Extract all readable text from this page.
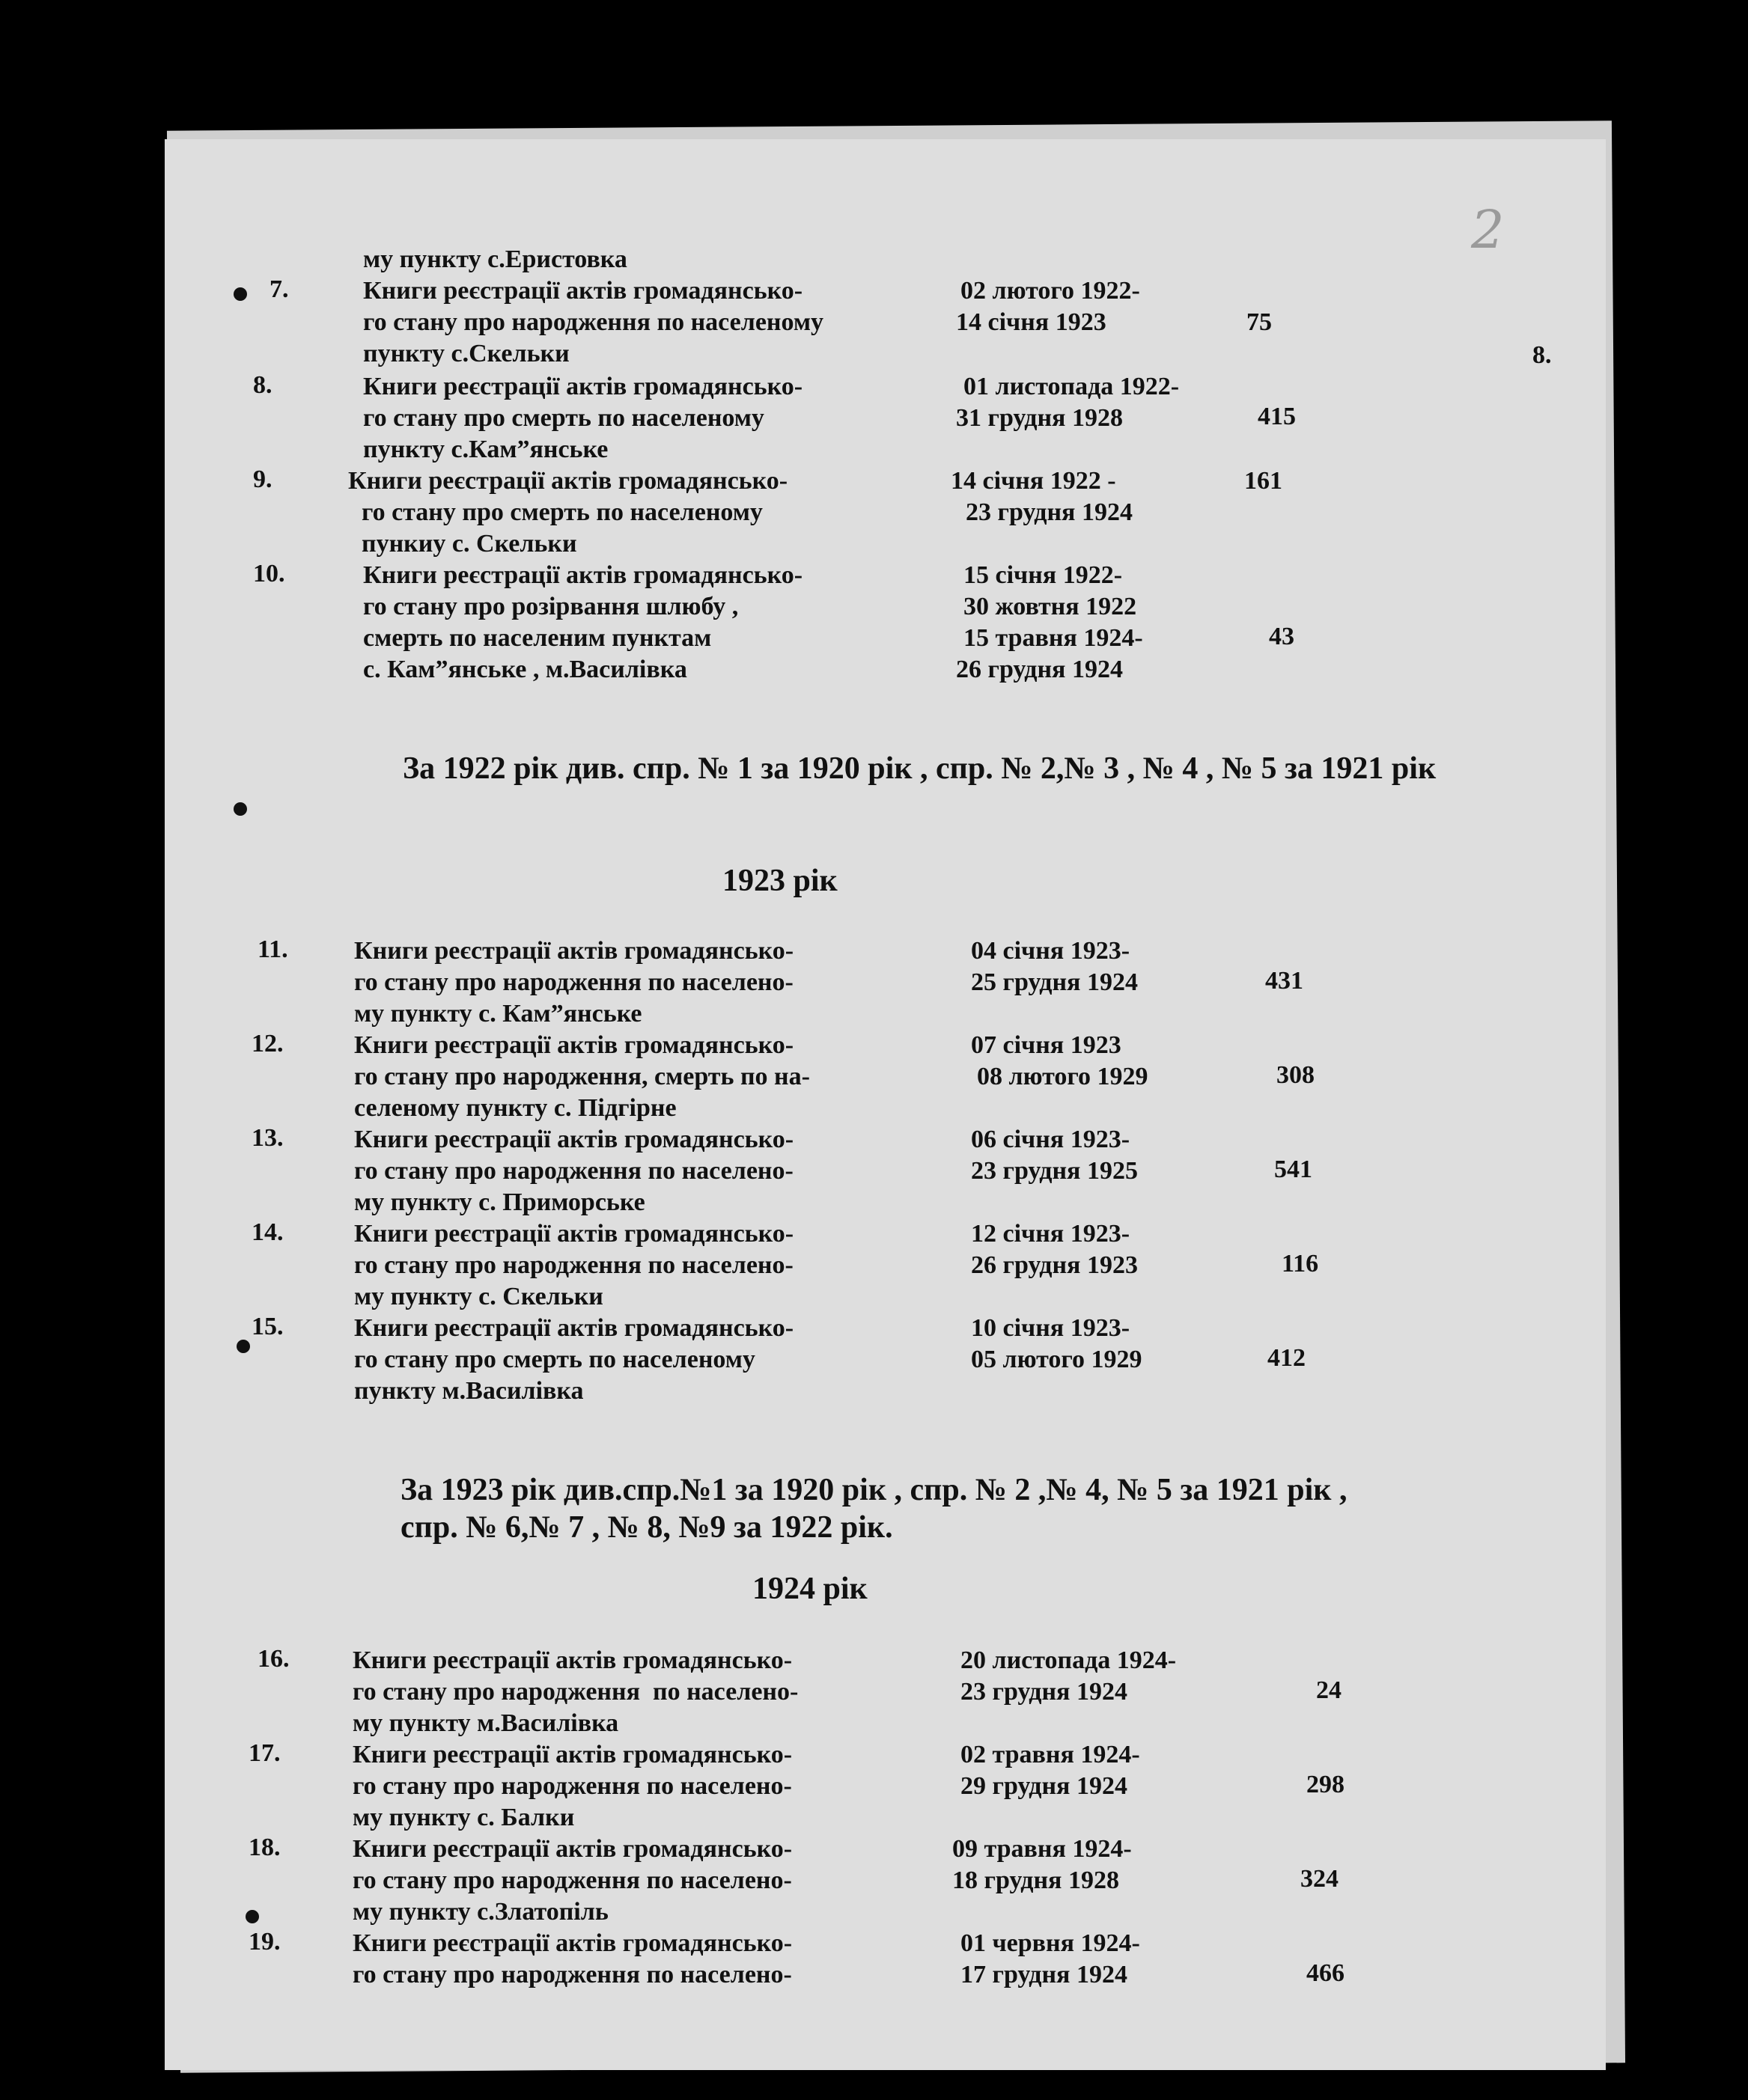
2
8.
му пункту с.Еристовка
7.	Книги реєстрації актів громадянсько-
го стану про народження по населеному
пункту с.Скельки
02 лютого 1922-
14 січня 1923	75
8.	Книги реєстрації актів громадянсько-
го стану про смерть по населеному
пункту с.Кам”янське
01 листопада 1922-
31 грудня 1928	415
9.	Книги реєстрації актів громадянсько-
го стану про смерть по населеному
пункиу с. Скельки
14 січня 1922 -
23 грудня 1924
161
10.	Книги реєстрації актів громадянсько-
го стану про розірвання шлюбу ,
смерть по населеним пунктам
с. Кам”янське , м.Василівка
15 січня 1922-
30 жовтня 1922
15 травня 1924-
26 грудня 1924
43
За 1922 рік див. спр. № 1 за 1920 рік , спр. № 2,№ 3 , № 4 , № 5 за 1921 рік
1923 рік
11.	Книги реєстрації актів громадянсько-
го стану про народження по населено-
му пункту с. Кам”янське
04 січня 1923-
25 грудня 1924	431
12.	Книги реєстрації актів громадянсько-
го стану про народження, смерть по на-
селеному пункту с. Підгірне
07 січня 1923
08 лютого 1929	308
13.	Книги реєстрації актів громадянсько-
го стану про народження по населено-
му пункту с. Приморське
06 січня 1923-
23 грудня 1925	541
14.	Книги реєстрації актів громадянсько-
го стану про народження по населено-
му пункту с. Скельки
12 січня 1923-
26 грудня 1923	116
15.	Книги реєстрації актів громадянсько-
го стану про смерть по населеному
пункту м.Василівка
10 січня 1923-
05 лютого 1929	412
За 1923 рік див.спр.№1 за 1920 рік , спр. № 2 ,№ 4, № 5 за 1921 рік ,
спр. № 6,№ 7 , № 8, №9 за 1922 рік.
1924 рік
16. Книги реєстрації актів громадянсько-
го стану про народження  по населено-
му пункту м.Василівка
20 листопада 1924-
23 грудня 1924	24
17.	Книги реєстрації актів громадянсько-
го стану про народження по населено-
му пункту с. Балки
02 травня 1924-
29 грудня 1924	298
18.	Книги реєстрації актів громадянсько-
го стану про народження по населено-
му пункту с.Златопіль
09 травня 1924-
18 грудня 1928	324
19.	Книги реєстрації актів громадянсько-
го стану про народження по населено-
01 червня 1924-
17 грудня 1924	466
